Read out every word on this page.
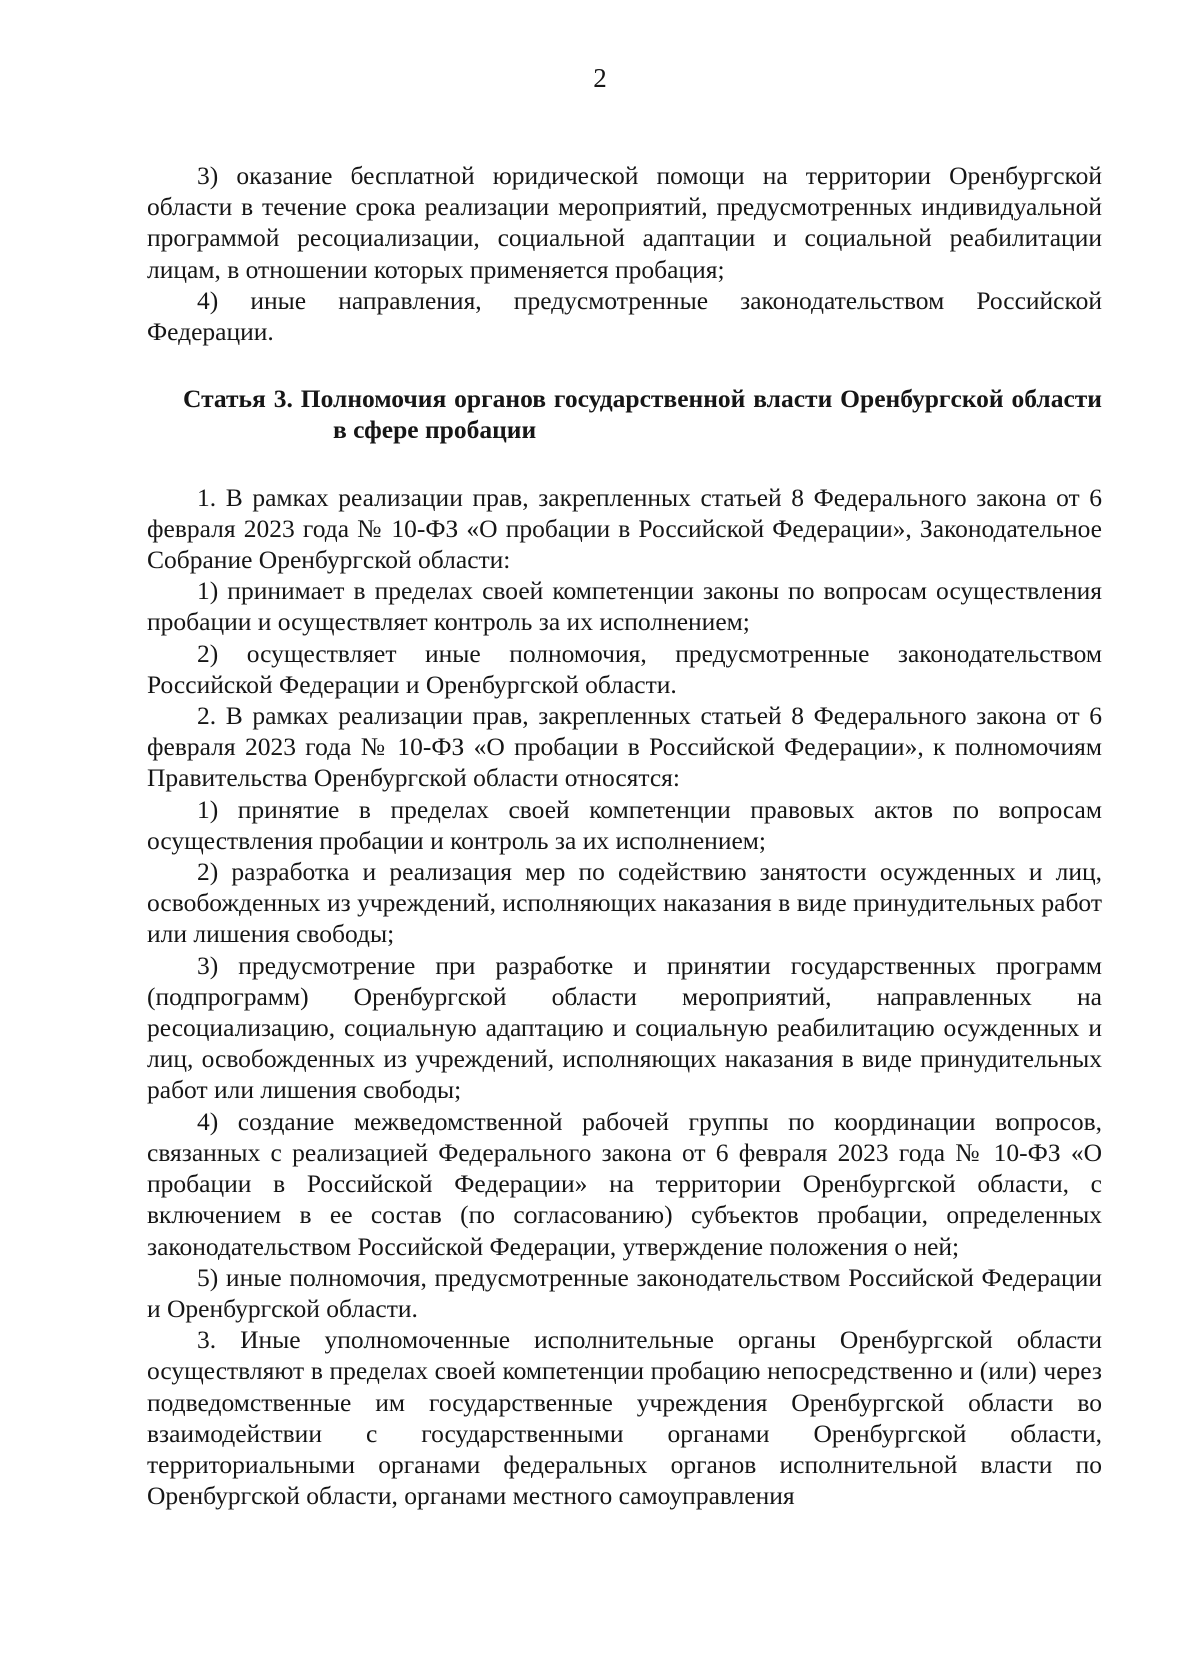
2

3) оказание бесплатной юридической помощи на территории Оренбургской области в течение срока реализации мероприятий, предусмотренных индивидуальной программой ресоциализации, социальной адаптации и социальной реабилитации лицам, в отношении которых применяется пробация;

4) иные направления, предусмотренные законодательством Российской Федерации.

Статья 3. Полномочия органов государственной власти Оренбургской области в сфере пробации

1. В рамках реализации прав, закрепленных статьей 8 Федерального закона от 6 февраля 2023 года № 10-ФЗ «О пробации в Российской Федерации», Законодательное Собрание Оренбургской области:

1) принимает в пределах своей компетенции законы по вопросам осуществления пробации и осуществляет контроль за их исполнением;

2) осуществляет иные полномочия, предусмотренные законодательством Российской Федерации и Оренбургской области.

2. В рамках реализации прав, закрепленных статьей 8 Федерального закона от 6 февраля 2023 года № 10-ФЗ «О пробации в Российской Федерации», к полномочиям Правительства Оренбургской области относятся:

1) принятие в пределах своей компетенции правовых актов по вопросам осуществления пробации и контроль за их исполнением;

2) разработка и реализация мер по содействию занятости осужденных и лиц, освобожденных из учреждений, исполняющих наказания в виде принудительных работ или лишения свободы;

3) предусмотрение при разработке и принятии государственных программ (подпрограмм) Оренбургской области мероприятий, направленных на ресоциализацию, социальную адаптацию и социальную реабилитацию осужденных и лиц, освобожденных из учреждений, исполняющих наказания в виде принудительных работ или лишения свободы;

4) создание межведомственной рабочей группы по координации вопросов, связанных с реализацией Федерального закона от 6 февраля 2023 года № 10-ФЗ «О пробации в Российской Федерации» на территории Оренбургской области, с включением в ее состав (по согласованию) субъектов пробации, определенных законодательством Российской Федерации, утверждение положения о ней;

5) иные полномочия, предусмотренные законодательством Российской Федерации и Оренбургской области.

3. Иные уполномоченные исполнительные органы Оренбургской области осуществляют в пределах своей компетенции пробацию непосредственно и (или) через подведомственные им государственные учреждения Оренбургской области во взаимодействии с государственными органами Оренбургской области, территориальными органами федеральных органов исполнительной власти по Оренбургской области, органами местного самоуправления
